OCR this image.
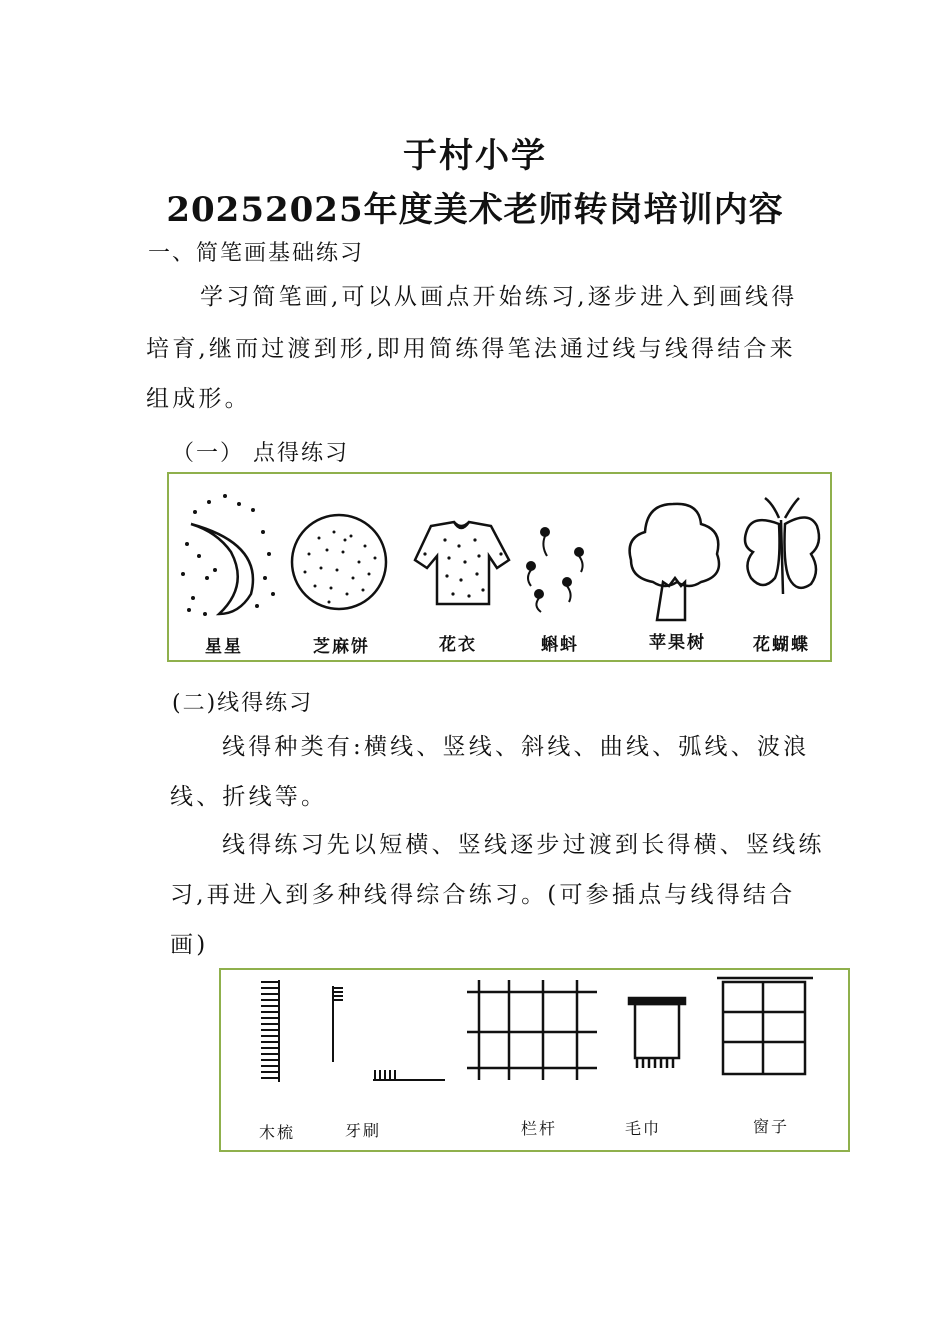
于村小学
20252025年度美术老师转岗培训内容
一、简笔画基础练习
学习简笔画,可以从画点开始练习,逐步进入到画线得
培育,继而过渡到形,即用简练得笔法通过线与线得结合来
组成形。
（一） 点得练习
星星	芝麻饼	花衣	蝌蚪	苹果树	花蝴蝶
(二)线得练习
线得种类有:横线、竖线、斜线、曲线、弧线、波浪
线、折线等。
线得练习先以短横、竖线逐步过渡到长得横、竖线练
习,再进入到多种线得综合练习。(可参插点与线得结合
画)
木梳	牙刷	栏杆	毛巾	窗子
